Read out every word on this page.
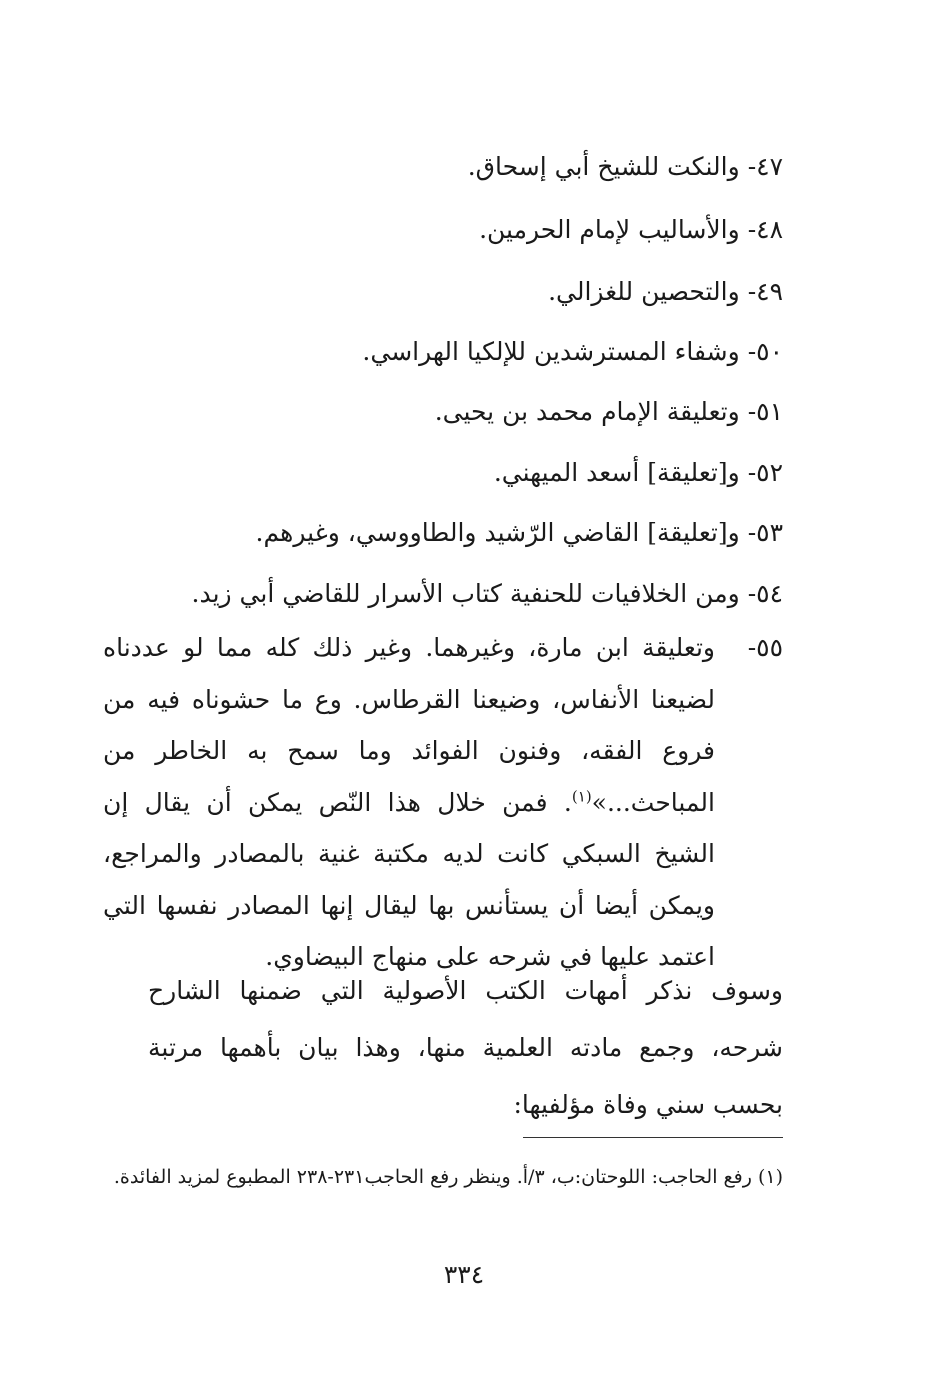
٤٧-والنكت للشيخ أبي إسحاق.
٤٨-والأساليب لإمام الحرمين.
٤٩-والتحصين للغزالي.
٥٠-وشفاء المسترشدين للإلكيا الهراسي.
٥١-وتعليقة الإمام محمد بن يحيى.
٥٢-و[تعليقة] أسعد الميهني.
٥٣-و[تعليقة] القاضي الرّشيد والطاووسي، وغيرهم.
٥٤-ومن الخلافيات للحنفية كتاب الأسرار للقاضي أبي زيد.
٥٥-
وتعليقة ابن مارة، وغيرهما. وغير ذلك كله مما لو عددناه لضيعنا الأنفاس، وضيعنا القرطاس. وع ما حشوناه فيه من فروع الفقه، وفنون الفوائد وما سمح به الخاطر من المباحث...»$^{(١)}$. فمن خلال هذا النّص يمكن أن يقال إن الشيخ السبكي كانت لديه مكتبة غنية بالمصادر والمراجع، ويمكن أيضا أن يستأنس بها ليقال إنها المصادر نفسها التي اعتمد عليها في شرحه على منهاج البيضاوي.
وسوف نذكر أمهات الكتب الأصولية التي ضمنها الشارح شرحه، وجمع مادته العلمية منها، وهذا بيان بأهمها مرتبة بحسب سني وفاة مؤلفيها:
(١) رفع الحاجب: اللوحتان:ب، ٣/أ. وينظر رفع الحاجب٢٣١-٢٣٨ المطبوع لمزيد الفائدة.
٣٣٤
